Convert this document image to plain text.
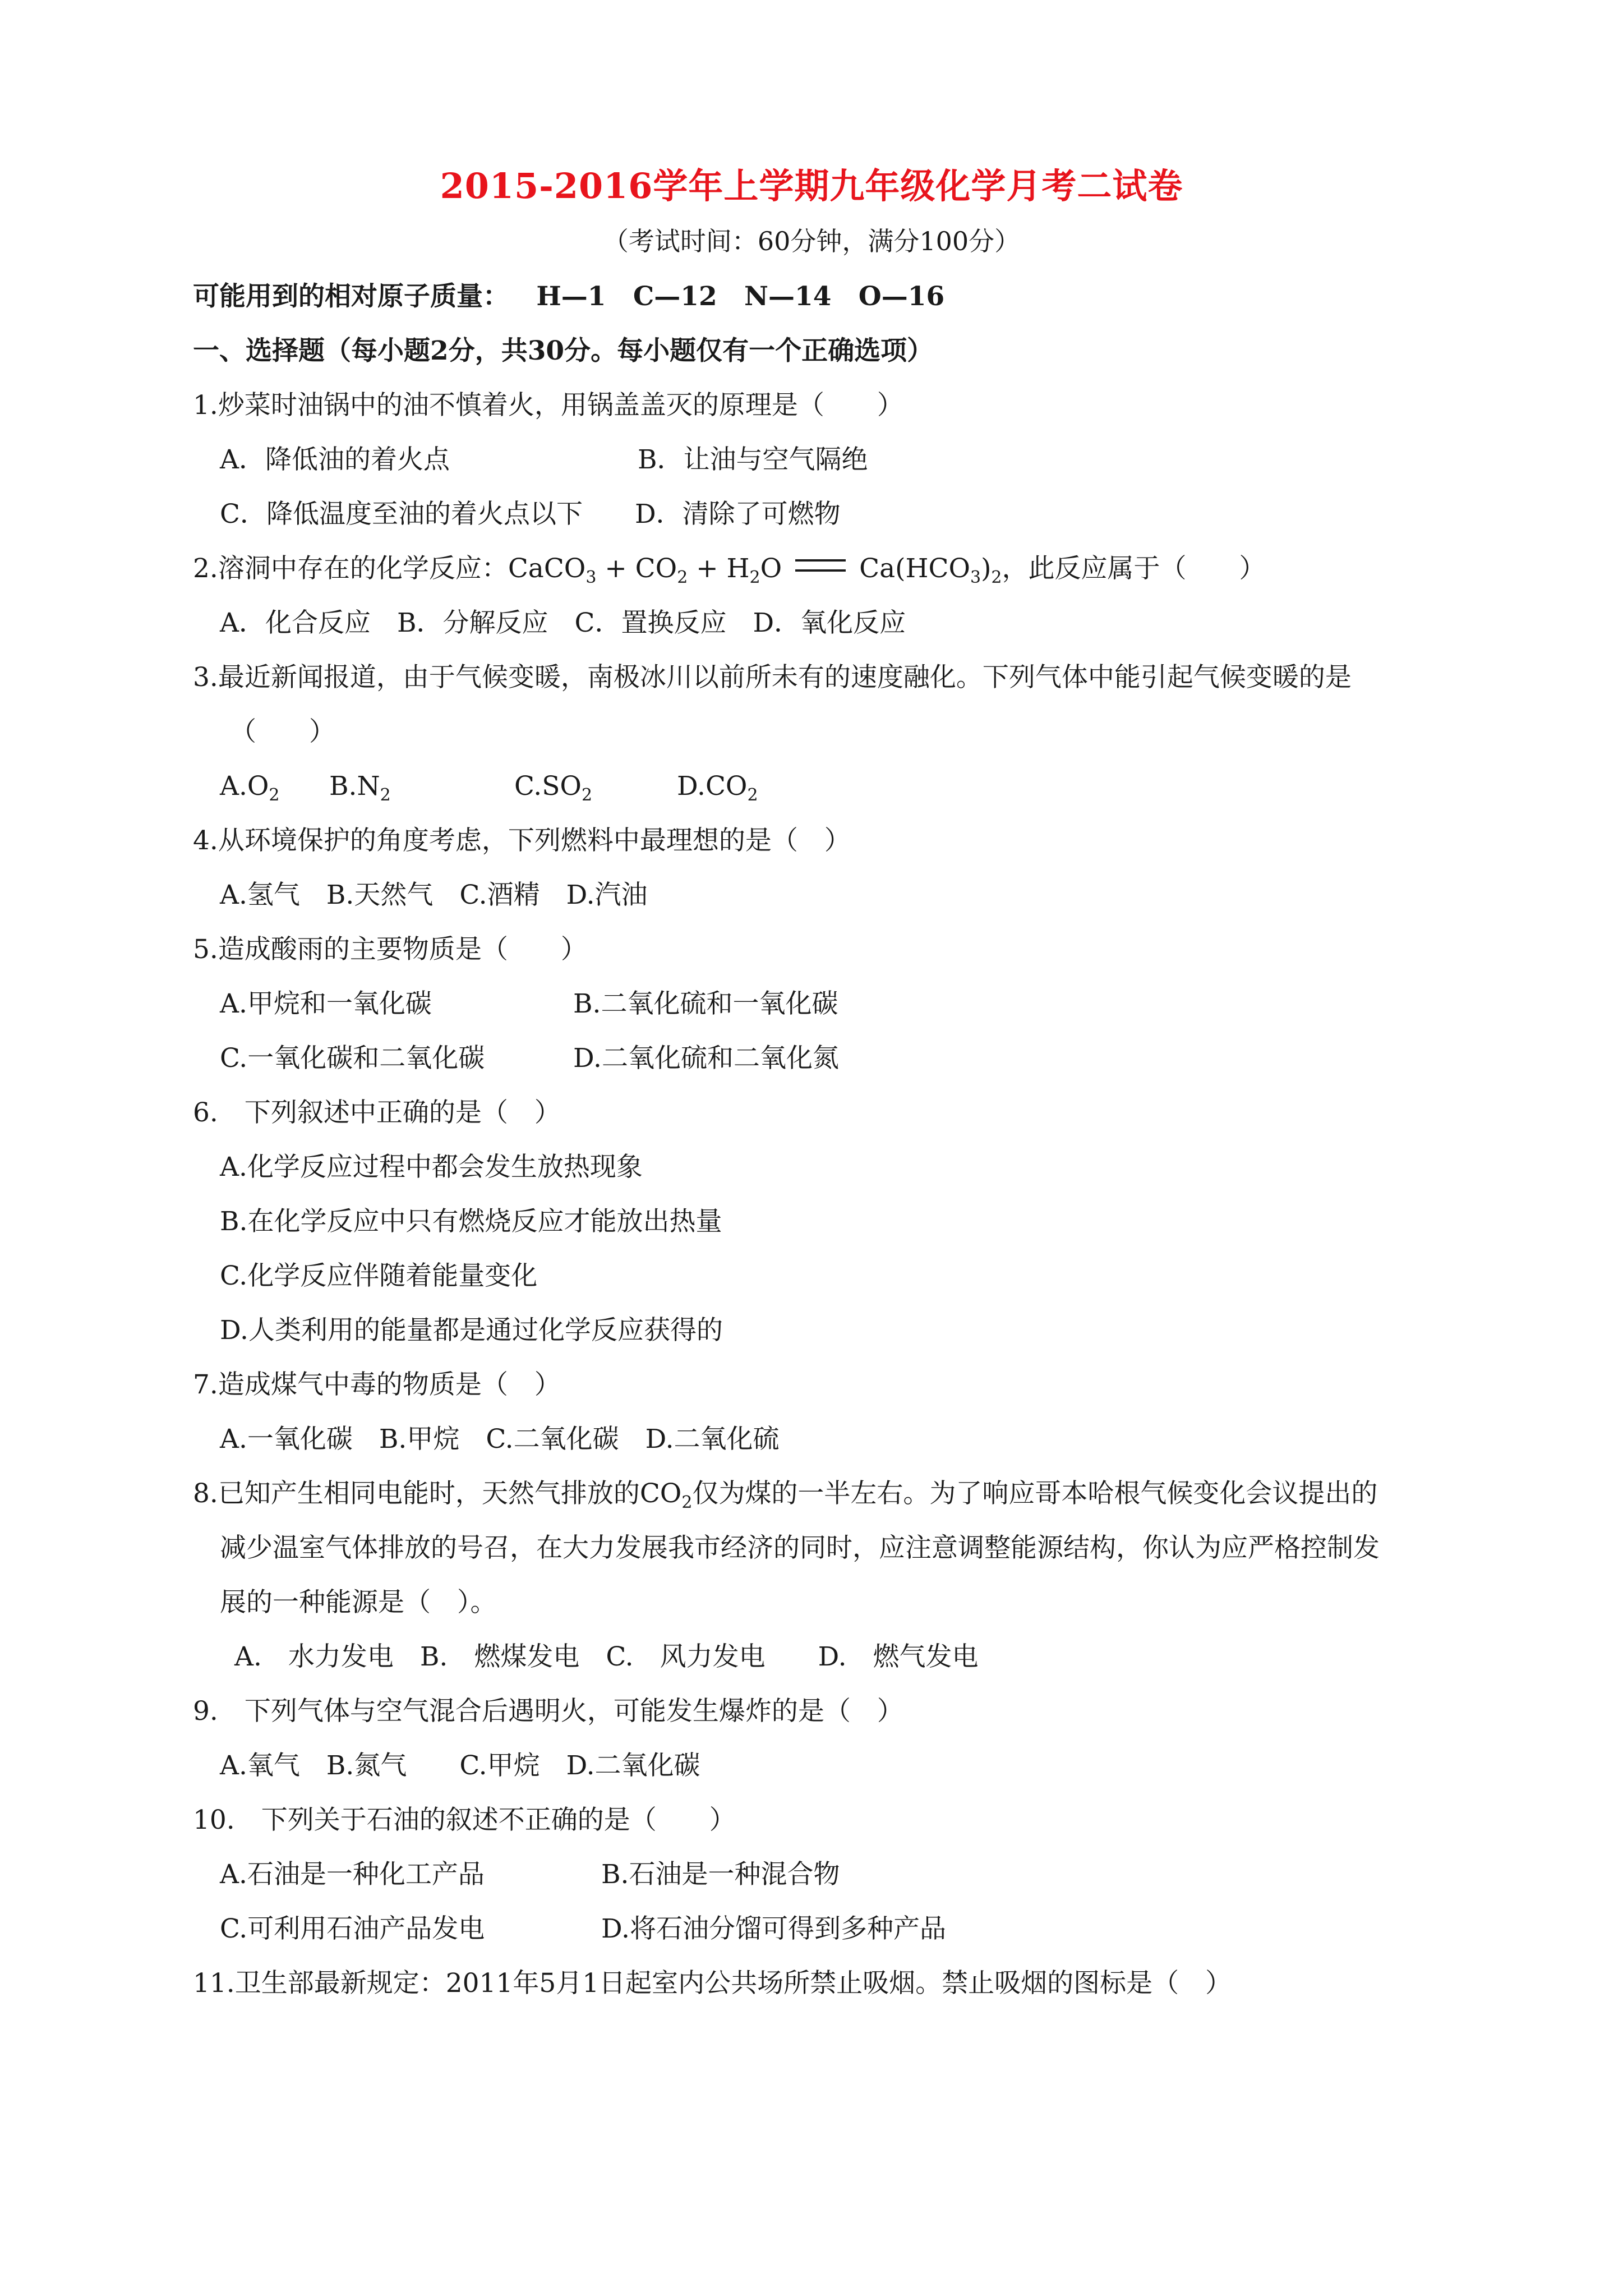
2015-2016学年上学期九年级化学月考二试卷
（考试时间：60分钟，满分100分）
可能用到的相对原子质量： H—1 C—12 N—14 O—16
一、选择题（每小题2分，共30分。每小题仅有一个正确选项）
1.炒菜时油锅中的油不慎着火，用锅盖盖灭的原理是（　　）
A．降低油的着火点	B．让油与空气隔绝
C．降低温度至油的着火点以下 D．清除了可燃物
2.溶洞中存在的化学反应：CaCO$_3$ + $CO_2 + H_2O$	$Ca(HCO_3)_2$，此反应属于（　　）
A．化合反应　B．分解反应　C．置换反应　D．氧化反应
3.最近新闻报道，由于气候变暖，南极冰川以前所未有的速度融化。下列气体中能引起气候变暖的是
（　　）
$A.O_2$ $B.N_2$	$C.SO_2$	$D.CO_2$
4.从环境保护的角度考虑，下列燃料中最理想的是（　）
A.氢气　B.天然气　C.酒精　D.汽油
5.造成酸雨的主要物质是（　　）
A.甲烷和一氧化碳	B.二氧化硫和一氧化碳
C.一氧化碳和二氧化碳	D.二氧化硫和二氧化氮
6.　下列叙述中正确的是（　）
A.化学反应过程中都会发生放热现象
B.在化学反应中只有燃烧反应才能放出热量
C.化学反应伴随着能量变化
D.人类利用的能量都是通过化学反应获得的
7.造成煤气中毒的物质是（　）
A.一氧化碳　B.甲烷　C.二氧化碳　D.二氧化硫
8.已知产生相同电能时，天然气排放的$CO_2$仅为煤的一半左右。为了响应哥本哈根气候变化会议提出的
减少温室气体排放的号召，在大力发展我市经济的同时，应注意调整能源结构，你认为应严格控制发
展的一种能源是（　）。
A.　水力发电　B.　燃煤发电　C.　风力发电　　D.　燃气发电
9.　下列气体与空气混合后遇明火，可能发生爆炸的是（　）
A.氧气　B.氮气　　C.甲烷　D.二氧化碳
10.　下列关于石油的叙述不正确的是（　　）
A.石油是一种化工产品	B.石油是一种混合物
C.可利用石油产品发电	D.将石油分馏可得到多种产品
11.卫生部最新规定：2011年5月1日起室内公共场所禁止吸烟。禁止吸烟的图标是（　）
